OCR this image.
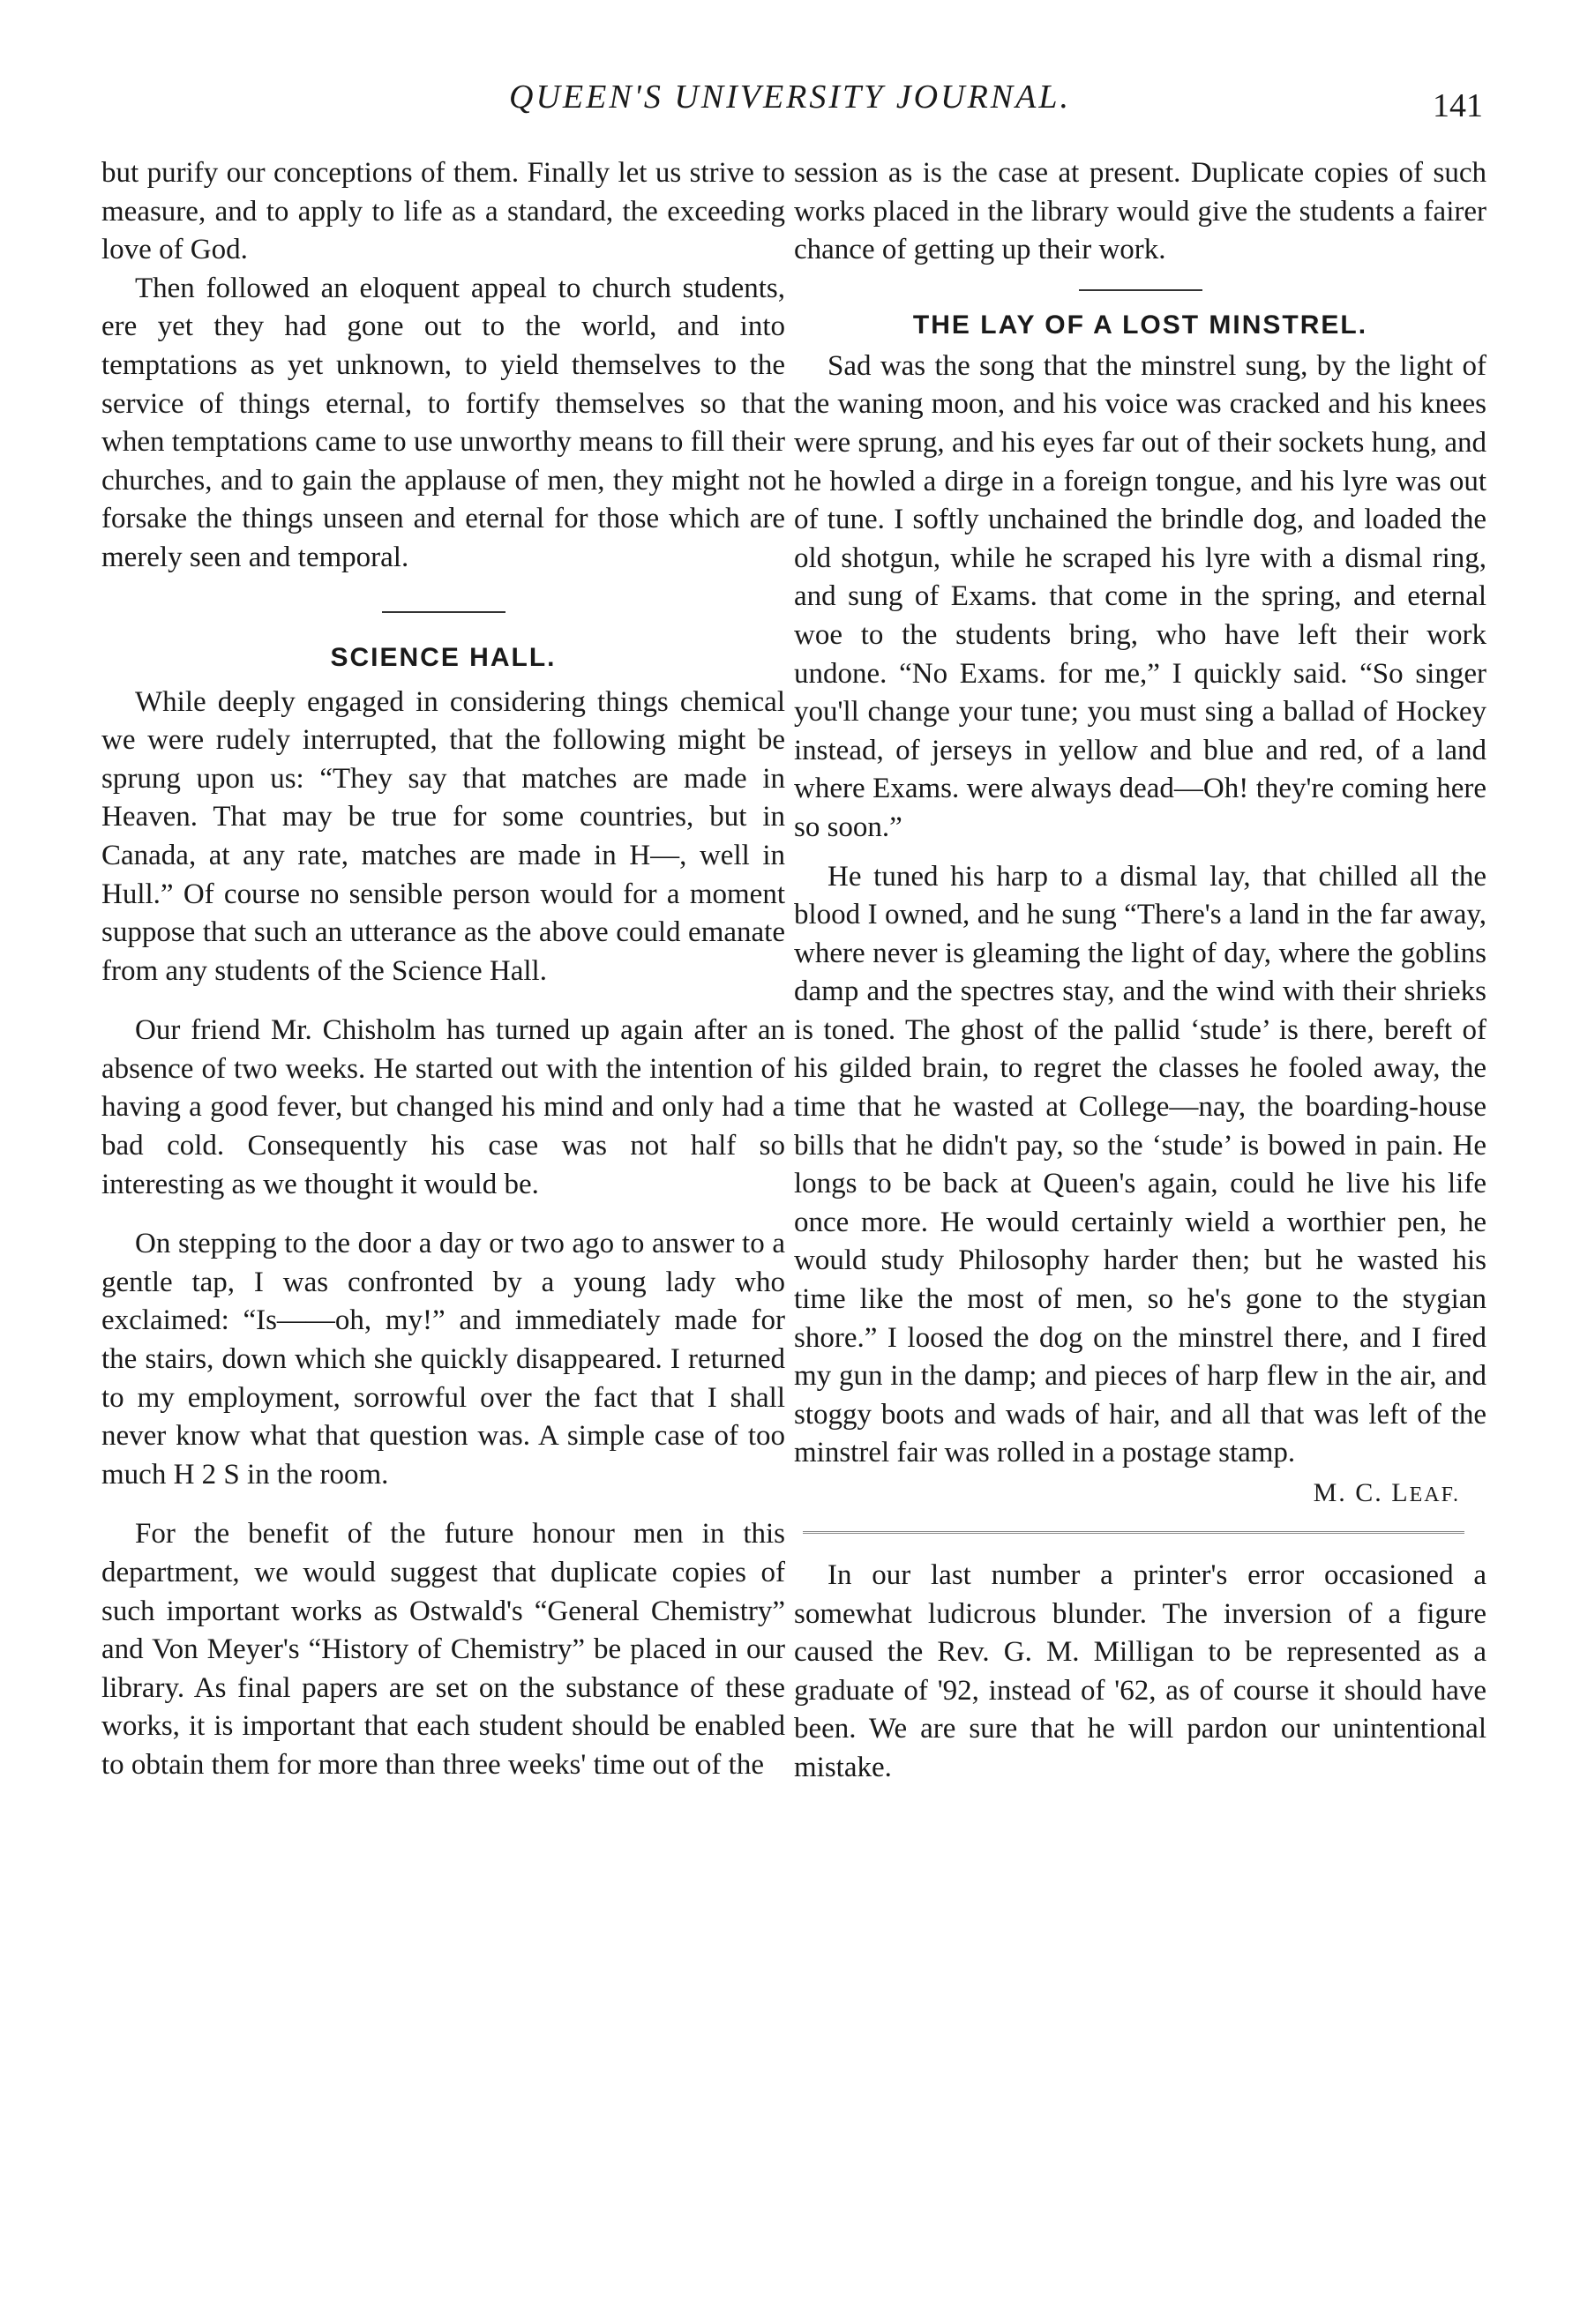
QUEEN'S UNIVERSITY JOURNAL.	141

but purify our conceptions of them. Finally let us strive to measure, and to apply to life as a standard, the exceeding love of God.

Then followed an eloquent appeal to church students, ere yet they had gone out to the world, and into temptations as yet unknown, to yield themselves to the service of things eternal, to fortify themselves so that when temptations came to use unworthy means to fill their churches, and to gain the applause of men, they might not forsake the things unseen and eternal for those which are merely seen and temporal.

SCIENCE HALL.

While deeply engaged in considering things chemical we were rudely interrupted, that the following might be sprung upon us: “They say that matches are made in Heaven. That may be true for some countries, but in Canada, at any rate, matches are made in H—, well in Hull.” Of course no sensible person would for a moment suppose that such an utterance as the above could emanate from any students of the Science Hall.

Our friend Mr. Chisholm has turned up again after an absence of two weeks. He started out with the intention of having a good fever, but changed his mind and only had a bad cold. Consequently his case was not half so interesting as we thought it would be.

On stepping to the door a day or two ago to answer to a gentle tap, I was confronted by a young lady who exclaimed: “Is——oh, my!” and immediately made for the stairs, down which she quickly disappeared. I returned to my employment, sorrowful over the fact that I shall never know what that question was. A simple case of too much H 2 S in the room.

For the benefit of the future honour men in this department, we would suggest that duplicate copies of such important works as Ostwald's “General Chemistry” and Von Meyer's “History of Chemistry” be placed in our library. As final papers are set on the substance of these works, it is important that each student should be enabled to obtain them for more than three weeks' time out of the

session as is the case at present. Duplicate copies of such works placed in the library would give the students a fairer chance of getting up their work.

THE LAY OF A LOST MINSTREL.

Sad was the song that the minstrel sung, by the light of the waning moon, and his voice was cracked and his knees were sprung, and his eyes far out of their sockets hung, and he howled a dirge in a foreign tongue, and his lyre was out of tune. I softly unchained the brindle dog, and loaded the old shotgun, while he scraped his lyre with a dismal ring, and sung of Exams. that come in the spring, and eternal woe to the students bring, who have left their work undone. “No Exams. for me,” I quickly said. “So singer you'll change your tune; you must sing a ballad of Hockey instead, of jerseys in yellow and blue and red, of a land where Exams. were always dead—Oh! they're coming here so soon.”

He tuned his harp to a dismal lay, that chilled all the blood I owned, and he sung “There's a land in the far away, where never is gleaming the light of day, where the goblins damp and the spectres stay, and the wind with their shrieks is toned. The ghost of the pallid ‘stude’ is there, bereft of his gilded brain, to regret the classes he fooled away, the time that he wasted at College—nay, the boarding-house bills that he didn't pay, so the ‘stude’ is bowed in pain. He longs to be back at Queen's again, could he live his life once more. He would certainly wield a worthier pen, he would study Philosophy harder then; but he wasted his time like the most of men, so he's gone to the stygian shore.” I loosed the dog on the minstrel there, and I fired my gun in the damp; and pieces of harp flew in the air, and stoggy boots and wads of hair, and all that was left of the minstrel fair was rolled in a postage stamp.

M. C. LEAF.

In our last number a printer's error occasioned a somewhat ludicrous blunder. The inversion of a figure caused the Rev. G. M. Milligan to be represented as a graduate of '92, instead of '62, as of course it should have been. We are sure that he will pardon our unintentional mistake.
